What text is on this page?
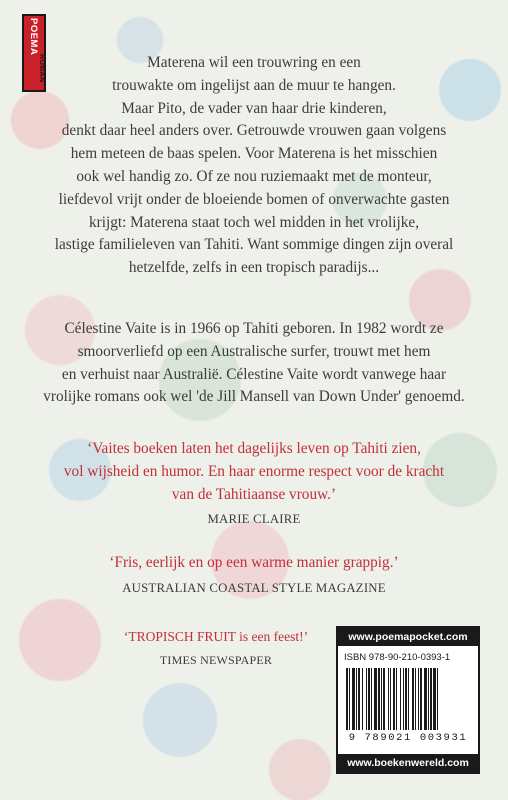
POEMA
ROMAN	Materena wil een trouwring en een
trouwakte om ingelijst aan de muur te hangen.
Maar Pito, de vader van haar drie kinderen,
denkt daar heel anders over. Getrouwde vrouwen gaan volgens
hem meteen de baas spelen. Voor Materena is het misschien
ook wel handig zo. Of ze nou ruziemaakt met de monteur,
liefdevol vrijt onder de bloeiende bomen of onverwachte gasten
krijgt: Materena staat toch wel midden in het vrolijke,
lastige familieleven van Tahiti. Want sommige dingen zijn overal
hetzelfde, zelfs in een tropisch paradijs...
Célestine Vaite is in 1966 op Tahiti geboren. In 1982 wordt ze
smoorverliefd op een Australische surfer, trouwt met hem
en verhuist naar Australië. Célestine Vaite wordt vanwege haar
vrolijke romans ook wel 'de Jill Mansell van Down Under' genoemd.
‘Vaites boeken laten het dagelijks leven op Tahiti zien,
vol wijsheid en humor. En haar enorme respect voor de kracht
van de Tahitiaanse vrouw.’
MARIE CLAIRE
‘Fris, eerlijk en op een warme manier grappig.’
AUSTRALIAN COASTAL STYLE MAGAZINE
‘TROPISCH FRUIT is een feest!’
TIMES NEWSPAPER
www.poemapocket.com
ISBN 978-90-210-0393-1
9 789021 003931
www.boekenwereld.com
